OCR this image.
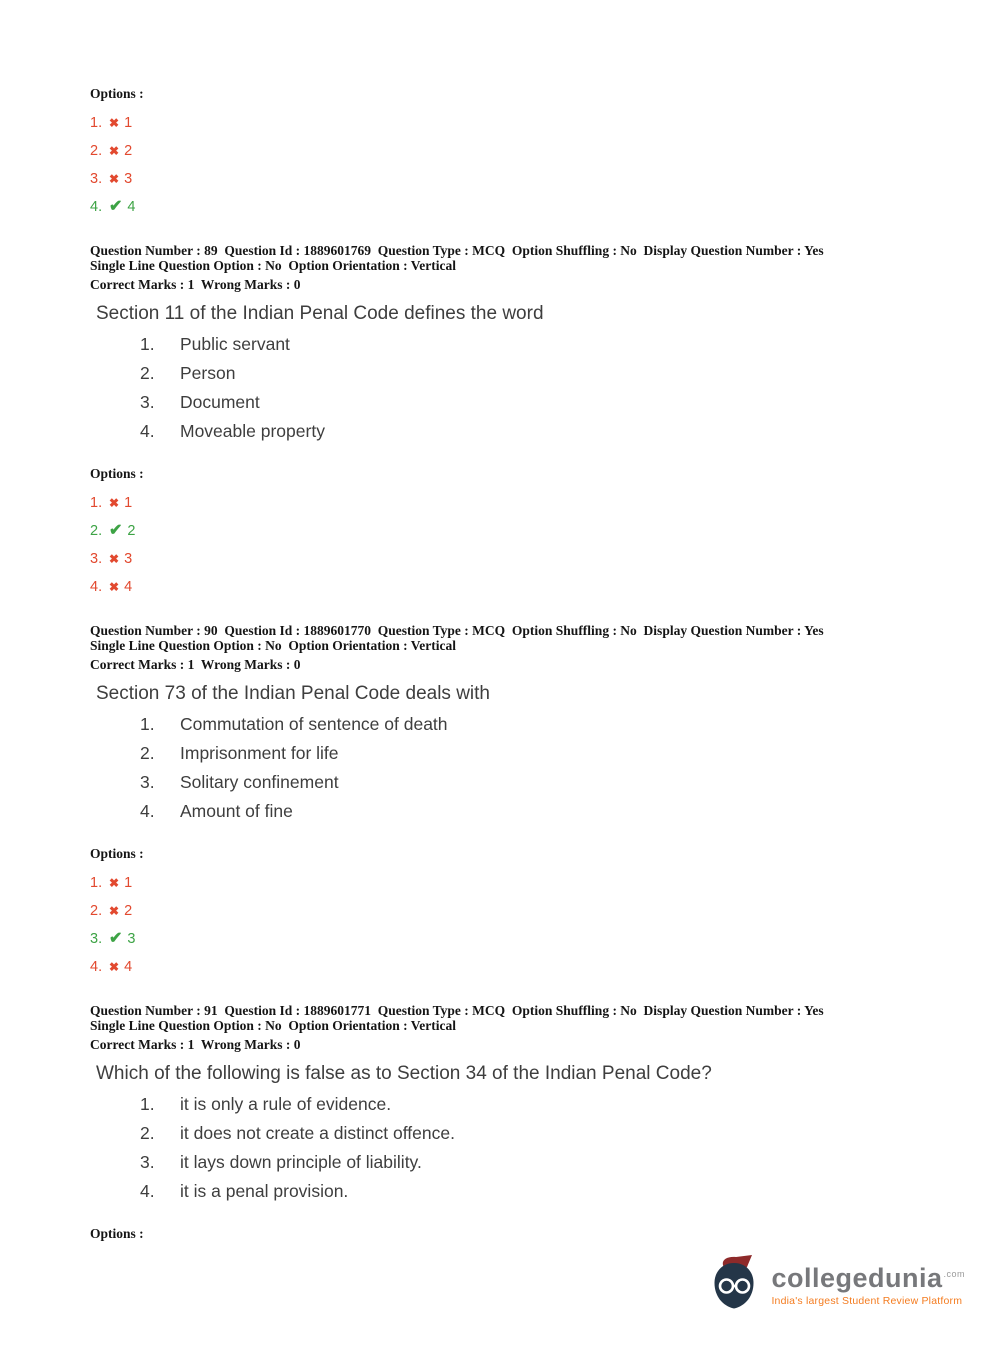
Options :
1. ✖ 1
2. ✖ 2
3. ✖ 3
4. ✔ 4
Question Number : 89  Question Id : 1889601769  Question Type : MCQ  Option Shuffling : No  Display Question Number : Yes
Single Line Question Option : No  Option Orientation : Vertical
Correct Marks : 1  Wrong Marks : 0
Section 11 of the Indian Penal Code defines the word
1.	Public servant
2.	Person
3.	Document
4.	Moveable property
Options :
1. ✖ 1
2. ✔ 2
3. ✖ 3
4. ✖ 4
Question Number : 90  Question Id : 1889601770  Question Type : MCQ  Option Shuffling : No  Display Question Number : Yes
Single Line Question Option : No  Option Orientation : Vertical
Correct Marks : 1  Wrong Marks : 0
Section 73 of the Indian Penal Code deals with
1.	Commutation of sentence of death
2.	Imprisonment for life
3.	Solitary confinement
4.	Amount of fine
Options :
1. ✖ 1
2. ✖ 2
3. ✔ 3
4. ✖ 4
Question Number : 91  Question Id : 1889601771  Question Type : MCQ  Option Shuffling : No  Display Question Number : Yes
Single Line Question Option : No  Option Orientation : Vertical
Correct Marks : 1  Wrong Marks : 0
Which of the following is false as to Section 34 of the Indian Penal Code?
1.	it is only a rule of evidence.
2.	it does not create a distinct offence.
3.	it lays down principle of liability.
4.	it is a penal provision.
Options :
collegedunia$^{.com}$
India's largest Student Review Platform
